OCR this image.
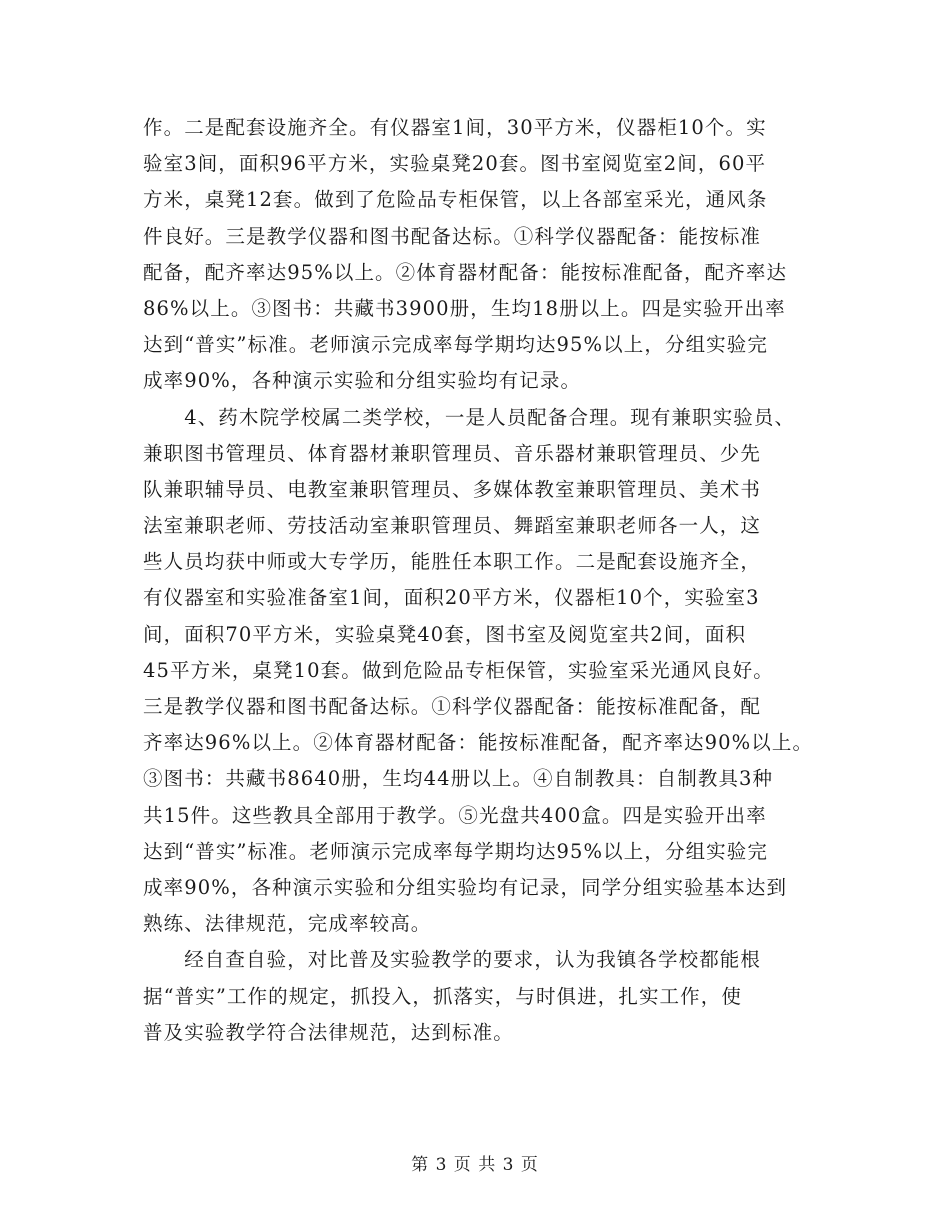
作。二是配套设施齐全。有仪器室1间，30平方米，仪器柜10个。实
验室3间，面积96平方米，实验桌凳20套。图书室阅览室2间，60平
方米，桌凳12套。做到了危险品专柜保管，以上各部室采光，通风条
件良好。三是教学仪器和图书配备达标。①科学仪器配备：能按标准
配备，配齐率达95%以上。②体育器材配备：能按标准配备，配齐率达
86%以上。③图书：共藏书3900册，生均18册以上。四是实验开出率
达到“普实”标准。老师演示完成率每学期均达95%以上，分组实验完
成率90%，各种演示实验和分组实验均有记录。
　　4、药木院学校属二类学校，一是人员配备合理。现有兼职实验员、
兼职图书管理员、体育器材兼职管理员、音乐器材兼职管理员、少先
队兼职辅导员、电教室兼职管理员、多媒体教室兼职管理员、美术书
法室兼职老师、劳技活动室兼职管理员、舞蹈室兼职老师各一人，这
些人员均获中师或大专学历，能胜任本职工作。二是配套设施齐全，
有仪器室和实验准备室1间，面积20平方米，仪器柜10个，实验室3
间，面积70平方米，实验桌凳40套，图书室及阅览室共2间，面积
45平方米，桌凳10套。做到危险品专柜保管，实验室采光通风良好。
三是教学仪器和图书配备达标。①科学仪器配备：能按标准配备，配
齐率达96%以上。②体育器材配备：能按标准配备，配齐率达90%以上。
③图书：共藏书8640册，生均44册以上。④自制教具：自制教具3种
共15件。这些教具全部用于教学。⑤光盘共400盒。四是实验开出率
达到“普实”标准。老师演示完成率每学期均达95%以上，分组实验完
成率90%，各种演示实验和分组实验均有记录，同学分组实验基本达到
熟练、法律规范，完成率较高。
　　经自查自验，对比普及实验教学的要求，认为我镇各学校都能根
据“普实”工作的规定，抓投入，抓落实，与时俱进，扎实工作，使
普及实验教学符合法律规范，达到标准。
第 3 页 共 3 页
